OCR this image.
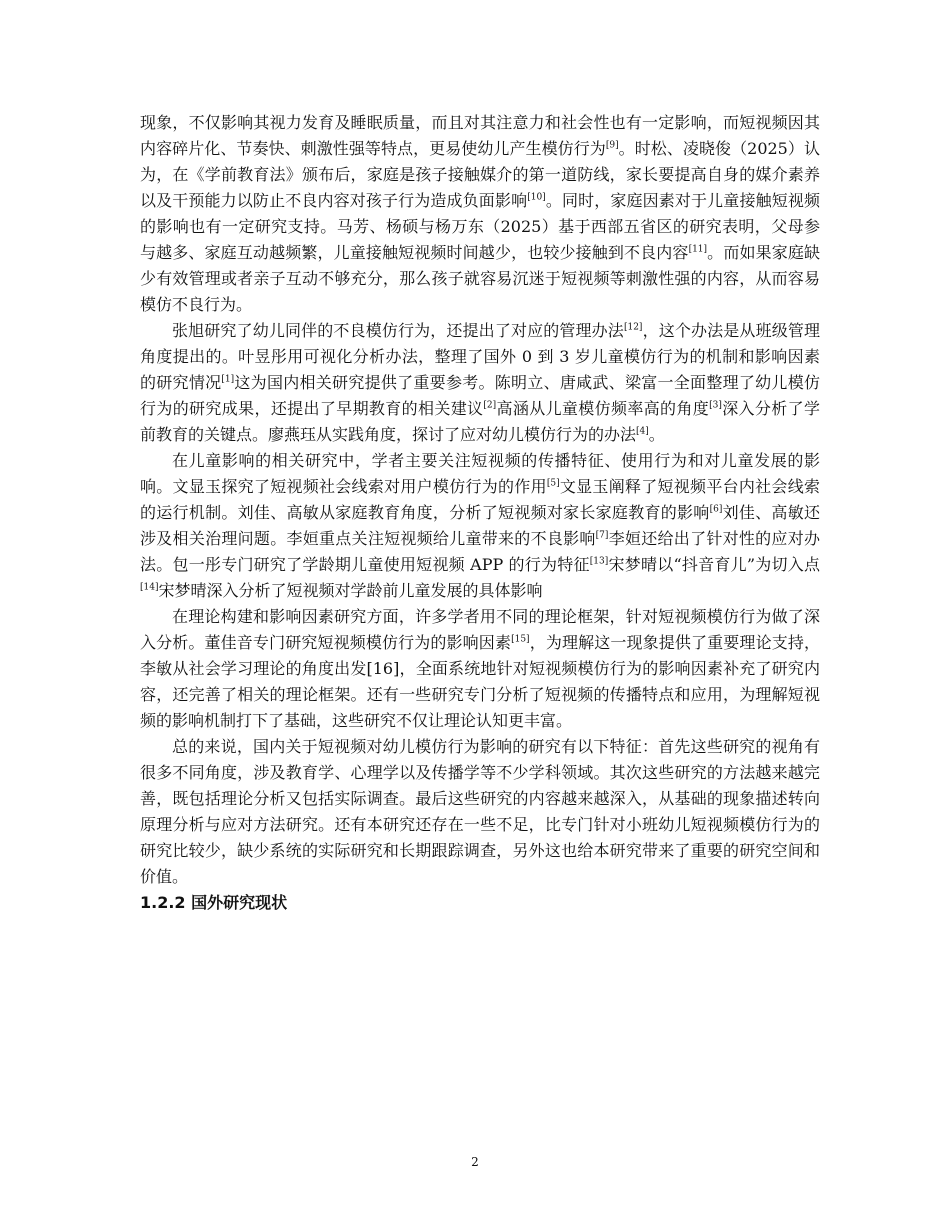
现象，不仅影响其视力发育及睡眠质量，而且对其注意力和社会性也有一定影响，而短视频因其内容碎片化、节奏快、刺激性强等特点，更易使幼儿产生模仿行为[9]。时松、凌晓俊（2025）认为，在《学前教育法》颁布后，家庭是孩子接触媒介的第一道防线，家长要提高自身的媒介素养以及干预能力以防止不良内容对孩子行为造成负面影响[10]。同时，家庭因素对于儿童接触短视频的影响也有一定研究支持。马芳、杨硕与杨万东（2025）基于西部五省区的研究表明，父母参与越多、家庭互动越频繁，儿童接触短视频时间越少，也较少接触到不良内容[11]。而如果家庭缺少有效管理或者亲子互动不够充分，那么孩子就容易沉迷于短视频等刺激性强的内容，从而容易模仿不良行为。

张旭研究了幼儿同伴的不良模仿行为，还提出了对应的管理办法[12]，这个办法是从班级管理角度提出的。叶昱彤用可视化分析办法，整理了国外 0 到 3 岁儿童模仿行为的机制和影响因素的研究情况[1]这为国内相关研究提供了重要参考。陈明立、唐咸武、梁富一全面整理了幼儿模仿行为的研究成果，还提出了早期教育的相关建议[2]高涵从儿童模仿频率高的角度[3]深入分析了学前教育的关键点。廖燕珏从实践角度，探讨了应对幼儿模仿行为的办法[4]。

在儿童影响的相关研究中，学者主要关注短视频的传播特征、使用行为和对儿童发展的影响。文显玉探究了短视频社会线索对用户模仿行为的作用[5]文显玉阐释了短视频平台内社会线索的运行机制。刘佳、高敏从家庭教育角度，分析了短视频对家长家庭教育的影响[6]刘佳、高敏还涉及相关治理问题。李姮重点关注短视频给儿童带来的不良影响[7]李姮还给出了针对性的应对办法。包一彤专门研究了学龄期儿童使用短视频 APP 的行为特征[13]宋梦晴以“抖音育儿”为切入点[14]宋梦晴深入分析了短视频对学龄前儿童发展的具体影响

在理论构建和影响因素研究方面，许多学者用不同的理论框架，针对短视频模仿行为做了深入分析。董佳音专门研究短视频模仿行为的影响因素[15]，为理解这一现象提供了重要理论支持，李敏从社会学习理论的角度出发[16]，全面系统地针对短视频模仿行为的影响因素补充了研究内容，还完善了相关的理论框架。还有一些研究专门分析了短视频的传播特点和应用，为理解短视频的影响机制打下了基础，这些研究不仅让理论认知更丰富。

总的来说，国内关于短视频对幼儿模仿行为影响的研究有以下特征：首先这些研究的视角有很多不同角度，涉及教育学、心理学以及传播学等不少学科领域。其次这些研究的方法越来越完善，既包括理论分析又包括实际调查。最后这些研究的内容越来越深入，从基础的现象描述转向原理分析与应对方法研究。还有本研究还存在一些不足，比专门针对小班幼儿短视频模仿行为的研究比较少，缺少系统的实际研究和长期跟踪调查，另外这也给本研究带来了重要的研究空间和价值。

1.2.2 国外研究现状

2
